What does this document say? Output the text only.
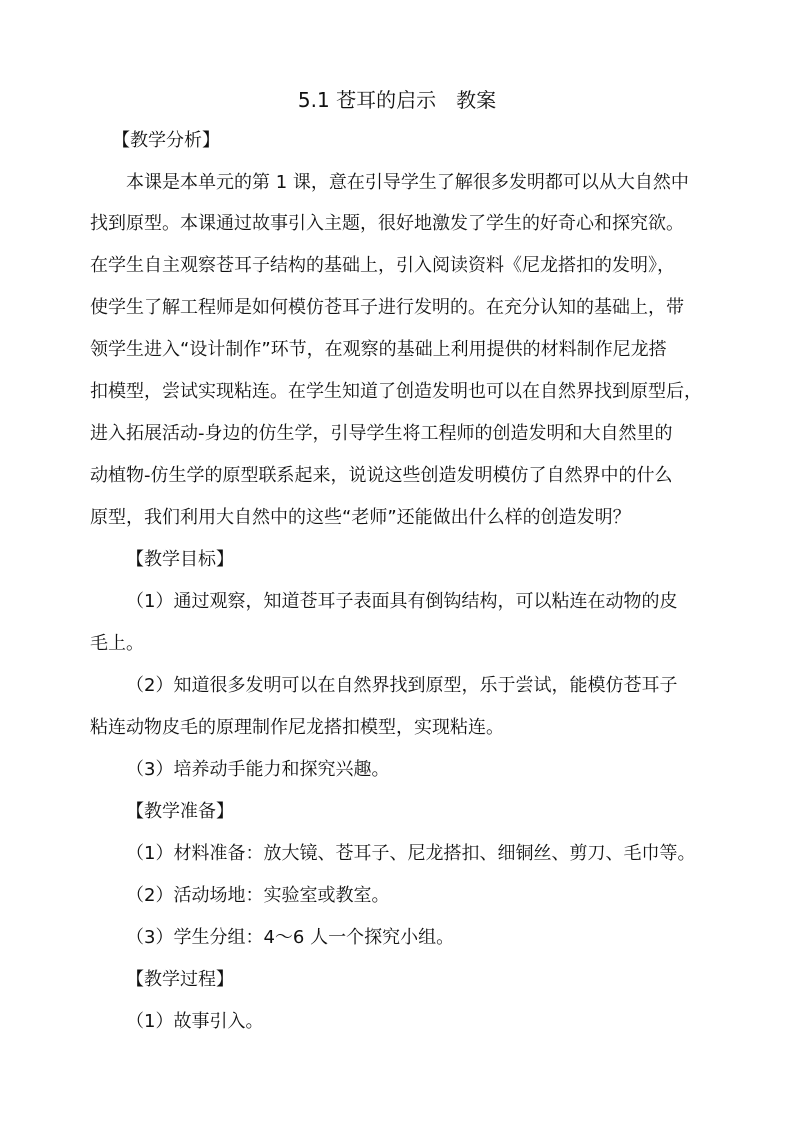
5.1 苍耳的启示　教案
【教学分析】
本课是本单元的第 1 课，意在引导学生了解很多发明都可以从大自然中
找到原型。本课通过故事引入主题，很好地激发了学生的好奇心和探究欲。
在学生自主观察苍耳子结构的基础上，引入阅读资料《尼龙搭扣的发明》，
使学生了解工程师是如何模仿苍耳子进行发明的。在充分认知的基础上，带
领学生进入“设计制作”环节，在观察的基础上利用提供的材料制作尼龙搭
扣模型，尝试实现粘连。在学生知道了创造发明也可以在自然界找到原型后，
进入拓展活动-身边的仿生学，引导学生将工程师的创造发明和大自然里的
动植物-仿生学的原型联系起来，说说这些创造发明模仿了自然界中的什么
原型，我们利用大自然中的这些“老师”还能做出什么样的创造发明？
【教学目标】
（1）通过观察，知道苍耳子表面具有倒钩结构，可以粘连在动物的皮
毛上。
（2）知道很多发明可以在自然界找到原型，乐于尝试，能模仿苍耳子
粘连动物皮毛的原理制作尼龙搭扣模型，实现粘连。
（3）培养动手能力和探究兴趣。
【教学准备】
（1）材料准备：放大镜、苍耳子、尼龙搭扣、细铜丝、剪刀、毛巾等。
（2）活动场地：实验室或教室。
（3）学生分组：4～6 人一个探究小组。
【教学过程】
（1）故事引入。
